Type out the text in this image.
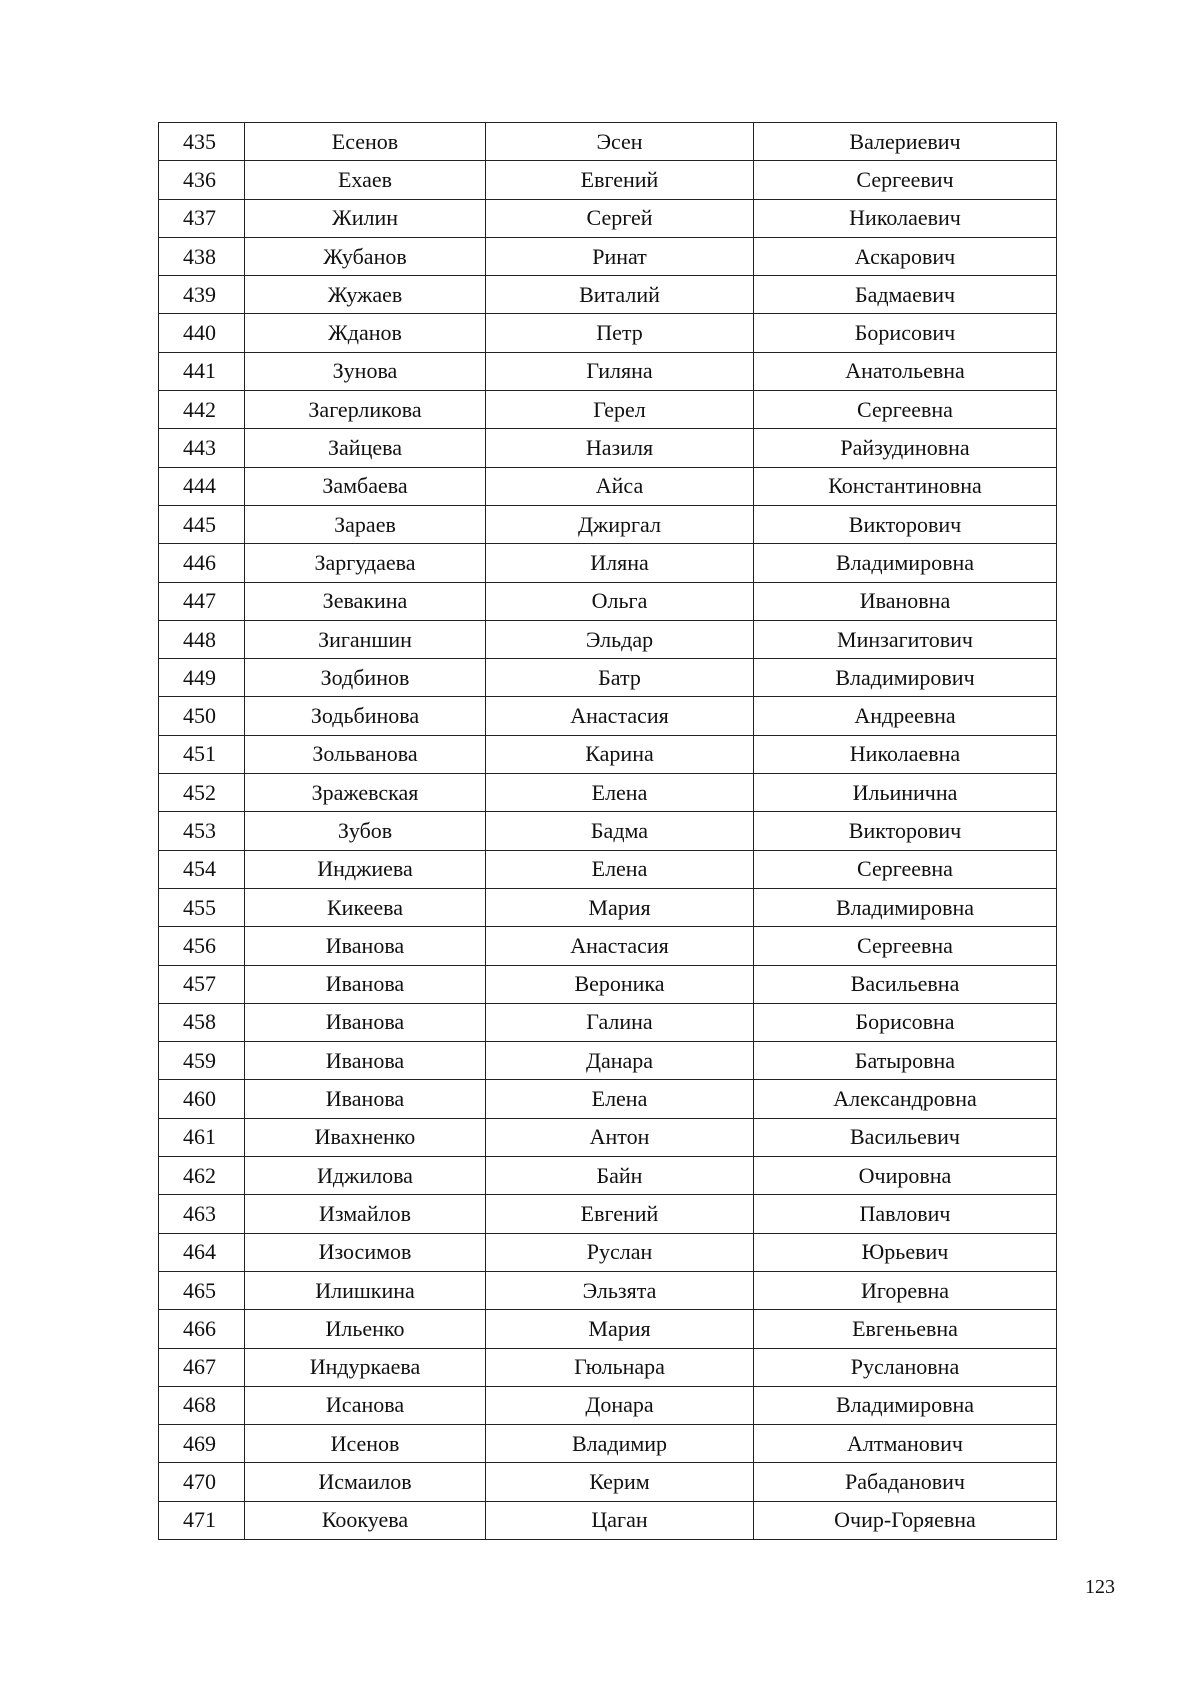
435	Есенов	Эсен	Валериевич
436	Ехаев	Евгений	Сергеевич
437	Жилин	Сергей	Николаевич
438	Жубанов	Ринат	Аскарович
439	Жужаев	Виталий	Бадмаевич
440	Жданов	Петр	Борисович
441	Зунова	Гиляна	Анатольевна
442	Загерликова	Герел	Сергеевна
443	Зайцева	Назиля	Райзудиновна
444	Замбаева	Айса	Константиновна
445	Зараев	Джиргал	Викторович
446	Заргудаева	Иляна	Владимировна
447	Зевакина	Ольга	Ивановна
448	Зиганшин	Эльдар	Минзагитович
449	Зодбинов	Батр	Владимирович
450	Зодьбинова	Анастасия	Андреевна
451	Зольванова	Карина	Николаевна
452	Зражевская	Елена	Ильинична
453	Зубов	Бадма	Викторович
454	Инджиева	Елена	Сергеевна
455	Кикеева	Мария	Владимировна
456	Иванова	Анастасия	Сергеевна
457	Иванова	Вероника	Васильевна
458	Иванова	Галина	Борисовна
459	Иванова	Данара	Батыровна
460	Иванова	Елена	Александровна
461	Ивахненко	Антон	Васильевич
462	Иджилова	Байн	Очировна
463	Измайлов	Евгений	Павлович
464	Изосимов	Руслан	Юрьевич
465	Илишкина	Эльзята	Игоревна
466	Ильенко	Мария	Евгеньевна
467	Индуркаева	Гюльнара	Руслановна
468	Исанова	Донара	Владимировна
469	Исенов	Владимир	Алтманович
470	Исмаилов	Керим	Рабаданович
471	Коокуева	Цаган	Очир-Горяевна
123
